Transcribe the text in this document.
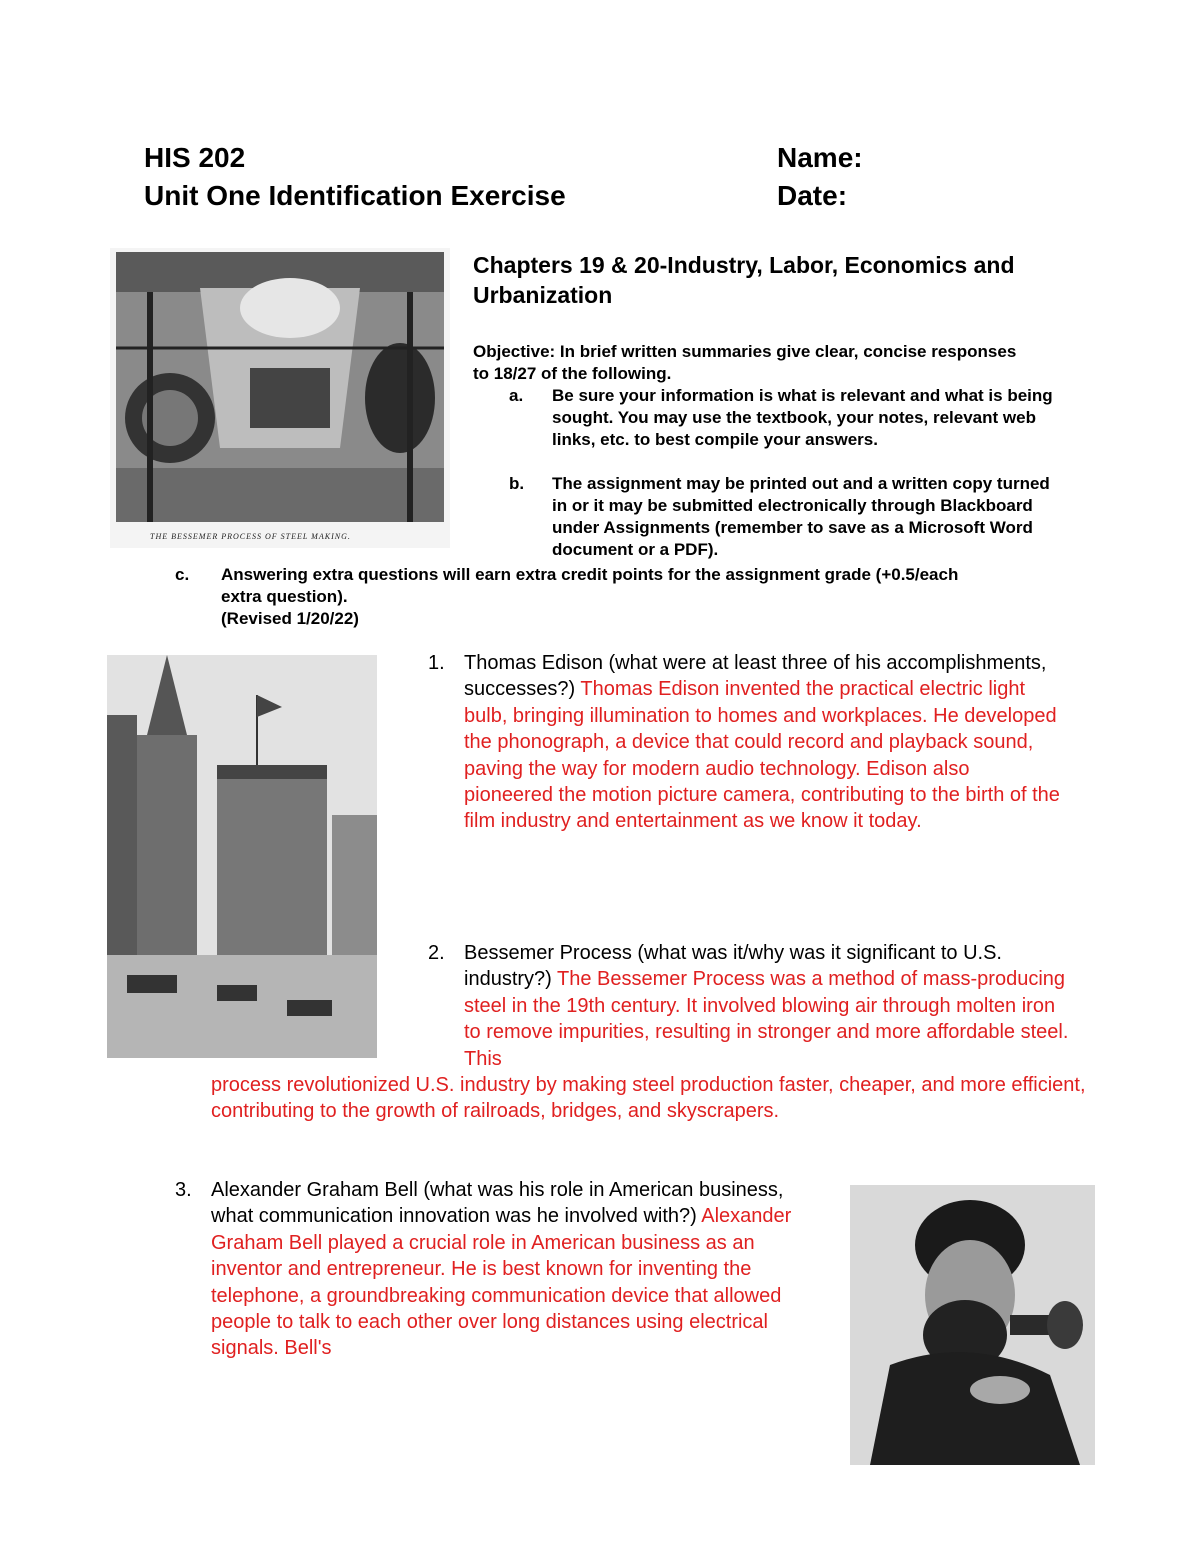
HIS 202
Unit One Identification Exercise
Name:
Date:
THE BESSEMER PROCESS OF STEEL MAKING.
Chapters 19 & 20-Industry, Labor, Economics and Urbanization
Objective: In brief written summaries give clear, concise responses to 18/27 of the following.
a. Be sure your information is what is relevant and what is being sought. You may use the textbook, your notes, relevant web links, etc. to best compile your answers.
b. The assignment may be printed out and a written copy turned in or it may be submitted electronically through Blackboard under Assignments (remember to save as a Microsoft Word document or a PDF).
c. Answering extra questions will earn extra credit points for the assignment grade (+0.5/each extra question).
(Revised 1/20/22)
1. Thomas Edison (what were at least three of his accomplishments, successes?) Thomas Edison invented the practical electric light bulb, bringing illumination to homes and workplaces. He developed the phonograph, a device that could record and playback sound, paving the way for modern audio technology. Edison also pioneered the motion picture camera, contributing to the birth of the film industry and entertainment as we know it today.
2. Bessemer Process (what was it/why was it significant to U.S. industry?) The Bessemer Process was a method of mass-producing steel in the 19th century. It involved blowing air through molten iron to remove impurities, resulting in stronger and more affordable steel. This
process revolutionized U.S. industry by making steel production faster, cheaper, and more efficient, contributing to the growth of railroads, bridges, and skyscrapers.
3. Alexander Graham Bell (what was his role in American business, what communication innovation was he involved with?) Alexander Graham Bell played a crucial role in American business as an inventor and entrepreneur. He is best known for inventing the telephone, a groundbreaking communication device that allowed people to talk to each other over long distances using electrical signals. Bell's
